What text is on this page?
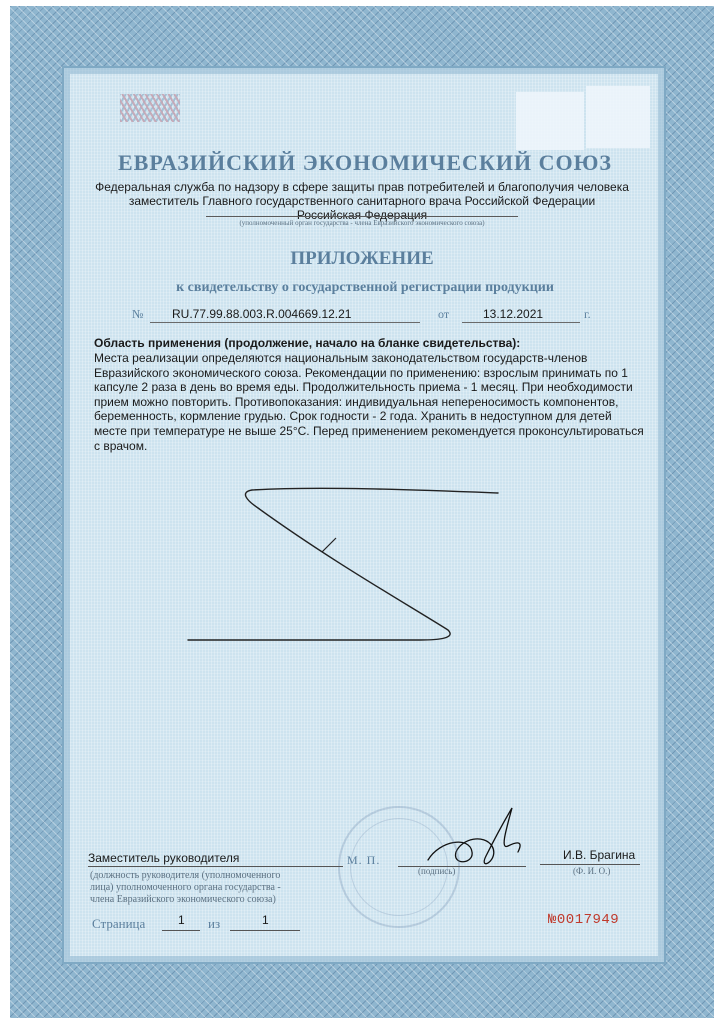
ЕВРАЗИЙСКИЙ ЭКОНОМИЧЕСКИЙ СОЮЗ
Федеральная служба по надзору в сфере защиты прав потребителей и благополучия человека
заместитель Главного государственного санитарного врача Российской Федерации
Российская Федерация
(уполномоченный орган государства - члена Евразийского экономического союза)
ПРИЛОЖЕНИЕ
к свидетельству о государственной регистрации продукции
№ RU.77.99.88.003.R.004669.12.21	от	13.12.2021	г.
Область применения (продолжение, начало на бланке свидетельства):
Места реализации определяются национальным законодательством государств-членов
Евразийского экономического союза. Рекомендации по применению: взрослым принимать по 1
капсуле 2 раза в день во время еды. Продолжительность приема - 1 месяц. При необходимости
прием можно повторить. Противопоказания: индивидуальная непереносимость компонентов,
беременность, кормление грудью. Срок годности - 2 года. Хранить в недоступном для детей
месте при температуре не выше 25°С. Перед применением рекомендуется проконсультироваться
с врачом.
Заместитель руководителя	М. П.
(подпись)
И.В. Брагина
(Ф. И. О.)
(должность руководителя (уполномоченного
лица) уполномоченного органа государства -
члена Евразийского экономического союза)
Страница	1 из	1	№0017949
